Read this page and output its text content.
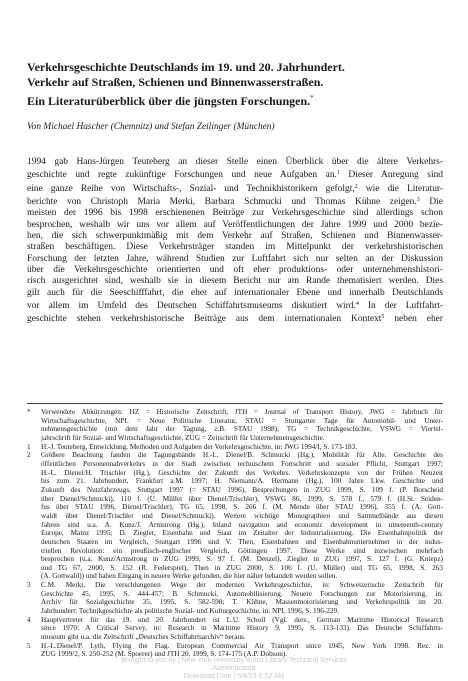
Verkehrsgeschichte Deutschlands im 19. und 20. Jahrhundert.
Verkehr auf Straßen, Schienen und Binnenwasserstraßen.
Ein Literaturüberblick über die jüngsten Forschungen.*
Von Michael Hascher (Chemnitz) und Stefan Zeilinger (München)
1994 gab Hans-Jürgen Teuteberg an dieser Stelle einen Überblick über die ältere Verkehrs-
geschichte und regte zukünftige Forschungen und neue Aufgaben an.$^1$ Dieser Anregung sind
eine ganze Reihe von Wirtschafts-, Sozial- und Technikhistorikern gefolgt,$^2$ wie die Literatur-
berichte von Christoph Maria Merki, Barbara Schmucki und Thomas Kühne zeigen.$^3$ Die
meisten der 1996 bis 1998 erschienenen Beiträge zur Verkehrsgeschichte sind allerdings schon
besprochen, weshalb wir uns vor allem auf Veröffentlichungen der Jahre 1999 und 2000 bezie-
hen, die sich schwerpunktmäßig mit dem Verkehr auf Straßen, Schienen und Binnenwasser-
straßen beschäftigen. Diese Verkehrsträger standen im Mittelpunkt der verkehrshistorischen
Forschung der letzten Jahre, während Studien zur Luftfahrt sich nur selten an der Diskussion
über die Verkehrsgeschichte orientierten und oft eher produktions- oder unternehmenshistori-
risch ausgerichtet sind, weshalb sie in diesem Bericht nur am Rande thematisiert werden. Dies
gilt auch für die Seeschifffahrt, die eher auf internationaler Ebene und innerhalb Deutschlands
vor allem im Umfeld des Deutschen Schiffahrtsmuseums diskutiert wird.$^4$ In der Luftfahrt-
geschichte stehen verkehrshistorische Beiträge aus dem internationalen Kontext$^5$ neben eher
* Verwendete Abkürzungen: HZ = Historische Zeitschrift, JTH = Journal of Transport History, JWG = Jahrbuch für
Wirtschaftsgeschichte, NPL = Neue Politische Literatur, STAU = Stuttgarter Tage für Automobil- und Unter-
nehmensgeschichte (mit dem Jahr der Tagung, z.B. STAU 1998), TG = Technikgeschichte, VSWG = Viertel-
jahrschrift für Sozial- und Wirtschaftsgeschichte, ZUG = Zeitschrift für Unternehmensgeschichte.
1 H.-J. Teuteberg, Entwicklung, Methoden und Aufgaben der Verkehrsgeschichte, in: JWG 1994/I, S. 173-183.
2 Größere Beachtung fanden die Tagungsbände H.-L. Dienel/B. Schmucki (Hg.), Mobilität für Alle. Geschichte des
öffentlichen Personennahverkehrs in der Stadt zwischen technischem Fortschritt und sozialer Pflicht, Stuttgart 1997;
H.-L. Dienel/H. Trischler (Hg.), Geschichte der Zukunft des Verkehrs. Verkehrskonzepte von der Frühen Neuzeit
bis zum 21. Jahrhundert, Frankfurt a.M. 1997; H. Niemann/A. Hermann (Hg.), 100 Jahre Lkw. Geschichte und
Zukunft des Nutzfahrzeugs, Stuttgart 1997 (= STAU 1996), Besprechungen in ZUG 1999, S. 109 f. (P. Borscheid
über Dienel/Schmucki), 110 f. (U. Müller über Dienel/Trischler), VSWG 86, 1999, S. 578 f., 579 f. (H.St. Seiden-
fus über STAU 1996, Dienel/Trischler), TG 65, 1998, S. 266 f. (M. Mende über STAU 1996), 355 f. (A. Gott-
waldt über Dienel/Trischler und Dienel/Schmucki). Weitere wichtige Monographien und Sammelbände aus diesen
Jahren sind u.a. A. Kunz/J. Armstrong (Hg.), Inland navigation and economic development in nineteenth-century
Europe, Mainz 1995; D. Ziegler, Eisenbahn und Staat im Zeitalter der Industrialisierung. Die Eisenbahnpolitik der
deutschen Staaten im Vergleich, Stuttgart 1996 und V. Then, Eisenbahnen und Eisenbahnunternehmer in der indus-
triellen Revolution: ein preußisch-englischer Vergleich, Göttingen 1997. Diese Werke sind inzwischen mehrfach
besprochen (u.a. Kunz/Armstrong in ZUG 1999, S. 97 f. (M. Denzel), Ziegler in ZUG 1997, S. 127 f. (G. Kniepz)
und TG 67, 2000, S. 152 (R. Federspiel), Then in ZUG 2000, S. 106 f. (U. Müller) und TG 65, 1998, S. 263
(A. Gottwald)) und haben Eingang in neuere Werke gefunden, die hier näher behandelt werden sollen.
3 C.M. Merki, Die verschlungenen Wege der modernen Verkehrsgeschichte, in: Schweizerische Zeitschrift für
Geschichte 45, 1995, S. 444-457; B. Schmucki, Automobilisierung. Neuere Forschungen zur Motorisierung, in:
Archiv für Sozialgeschichte 35, 1995, S. 582-598; T. Kühne, Massenmotorisierung und Verkehrspolitik im 20.
Jahrhundert: Technikgeschichte als politische Sozial- und Kulturgeschichte, in: NPL 1996, S. 196-229.
4 Hauptvertreter für das 19. und 20. Jahrhundert ist L.U. Scholl (Vgl. ders., German Maritime Historical Research
since 1970: A Critical Survey, in: Research in Maritime History 9, 1995, S. 113-133). Das Deutsche Schiffahrts-
museum gibt u.a. die Zeitschrift „Deutsches Schiffahrtsarchiv“ heraus.
5 H.-L.Dienel/P. Lyth, Flying the Flag. European Commercial Air Transport since 1945, New York 1998. Rez. in
ZUG 1999/2, S. 250-252 (M. Spoerer) und JTH 20, 1999, S. 174-175 (A.P. Dobson).
Brought to you by | New York University Bobst Library Technical Services
Authenticated
Download Date | 6/4/15 6:52 AM
